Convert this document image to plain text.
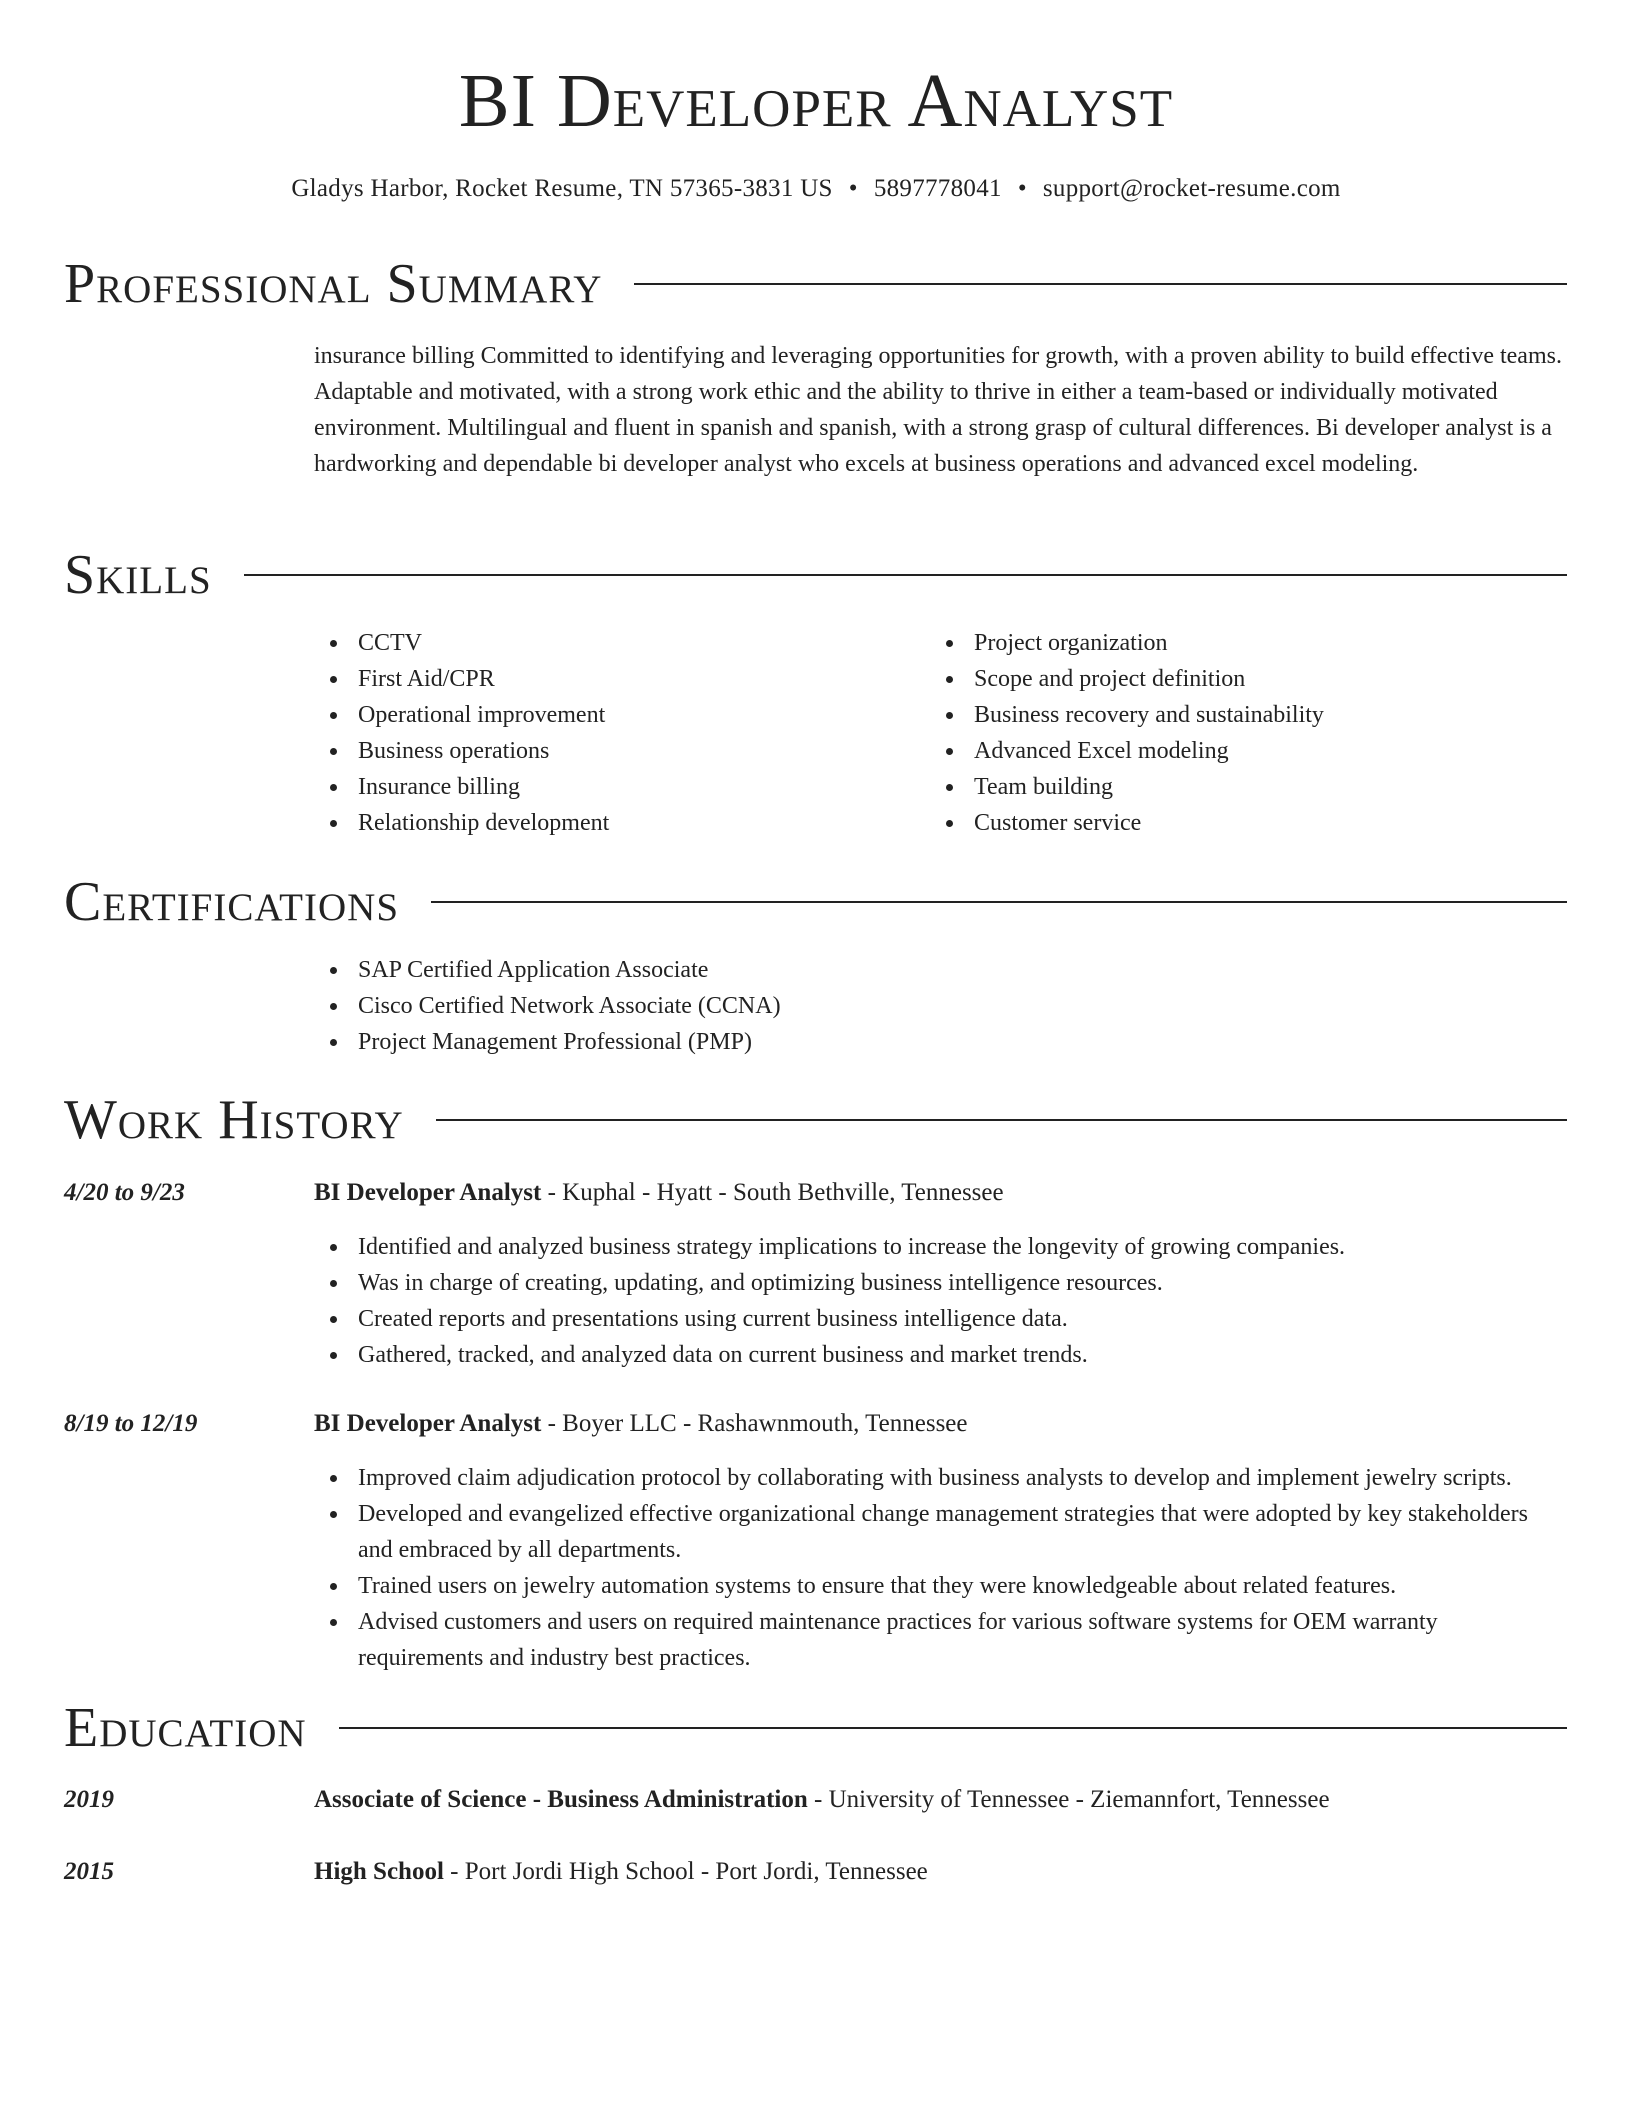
BI Developer Analyst
Gladys Harbor, Rocket Resume, TN 57365-3831 US • 5897778041 • support@rocket-resume.com
Professional Summary

insurance billing Committed to identifying and leveraging opportunities for growth, with a proven ability to build effective teams. Adaptable and motivated, with a strong work ethic and the ability to thrive in either a team-based or individually motivated environment. Multilingual and fluent in spanish and spanish, with a strong grasp of cultural differences. Bi developer analyst is a hardworking and dependable bi developer analyst who excels at business operations and advanced excel modeling.

Skills
CCTV
First Aid/CPR
Operational improvement
Business operations
Insurance billing
Relationship development
Project organization
Scope and project definition
Business recovery and sustainability
Advanced Excel modeling
Team building
Customer service
Certifications
SAP Certified Application Associate
Cisco Certified Network Associate (CCNA)
Project Management Professional (PMP)
Work History
4/20 to 9/23	BI Developer Analyst - Kuphal - Hyatt - South Bethville, Tennessee
Identified and analyzed business strategy implications to increase the longevity of growing companies.
Was in charge of creating, updating, and optimizing business intelligence resources.
Created reports and presentations using current business intelligence data.
Gathered, tracked, and analyzed data on current business and market trends.
8/19 to 12/19	BI Developer Analyst - Boyer LLC - Rashawnmouth, Tennessee
Improved claim adjudication protocol by collaborating with business analysts to develop and implement jewelry scripts.
Developed and evangelized effective organizational change management strategies that were adopted by key stakeholders and embraced by all departments.
Trained users on jewelry automation systems to ensure that they were knowledgeable about related features.
Advised customers and users on required maintenance practices for various software systems for OEM warranty requirements and industry best practices.
Education
2019	Associate of Science - Business Administration - University of Tennessee - Ziemannfort, Tennessee
2015	High School - Port Jordi High School - Port Jordi, Tennessee
